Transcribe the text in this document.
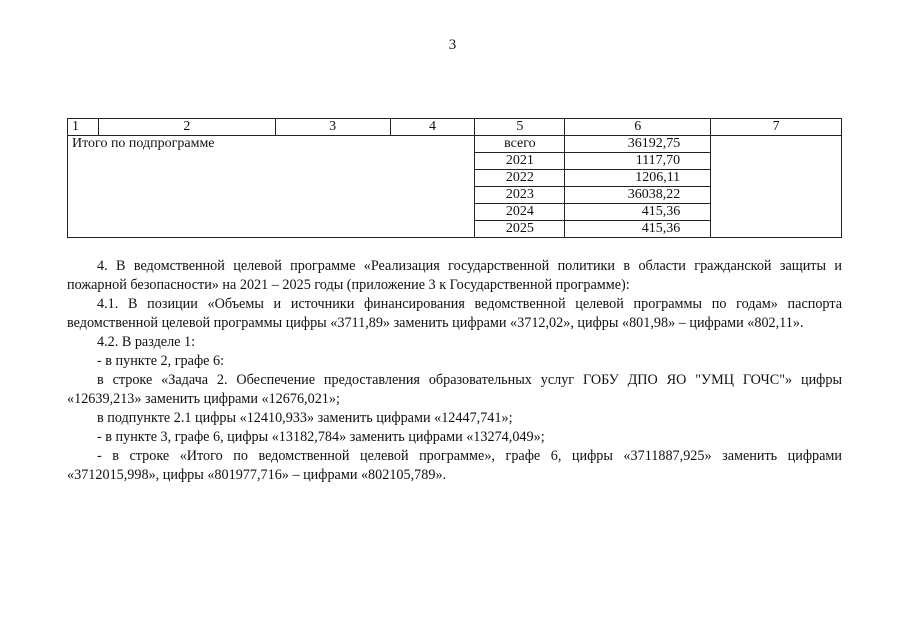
3
1	2	3	4	5	6	7
Итого по подпрограмме				всего	36192,75	
				2021	1117,70	
				2022	1206,11	
				2023	36038,22	
				2024	415,36	
				2025	415,36	

4. В ведомственной целевой программе «Реализация государственной политики в области гражданской защиты и пожарной безопасности» на 2021 – 2025 годы (приложение 3 к Государственной программе):

4.1. В позиции «Объемы и источники финансирования ведомственной целевой программы по годам» паспорта ведомственной целевой программы цифры «3711,89» заменить цифрами «3712,02», цифры «801,98» – цифрами «802,11».

4.2. В разделе 1:

- в пункте 2, графе 6:

в строке «Задача 2. Обеспечение предоставления образовательных услуг ГОБУ ДПО ЯО "УМЦ ГОЧС"» цифры «12639,213» заменить цифрами «12676,021»;

в подпункте 2.1 цифры «12410,933» заменить цифрами «12447,741»;

- в пункте 3, графе 6, цифры «13182,784» заменить цифрами «13274,049»;

- в строке «Итого по ведомственной целевой программе», графе 6, цифры «3711887,925» заменить цифрами «3712015,998», цифры «801977,716» – цифрами «802105,789».
